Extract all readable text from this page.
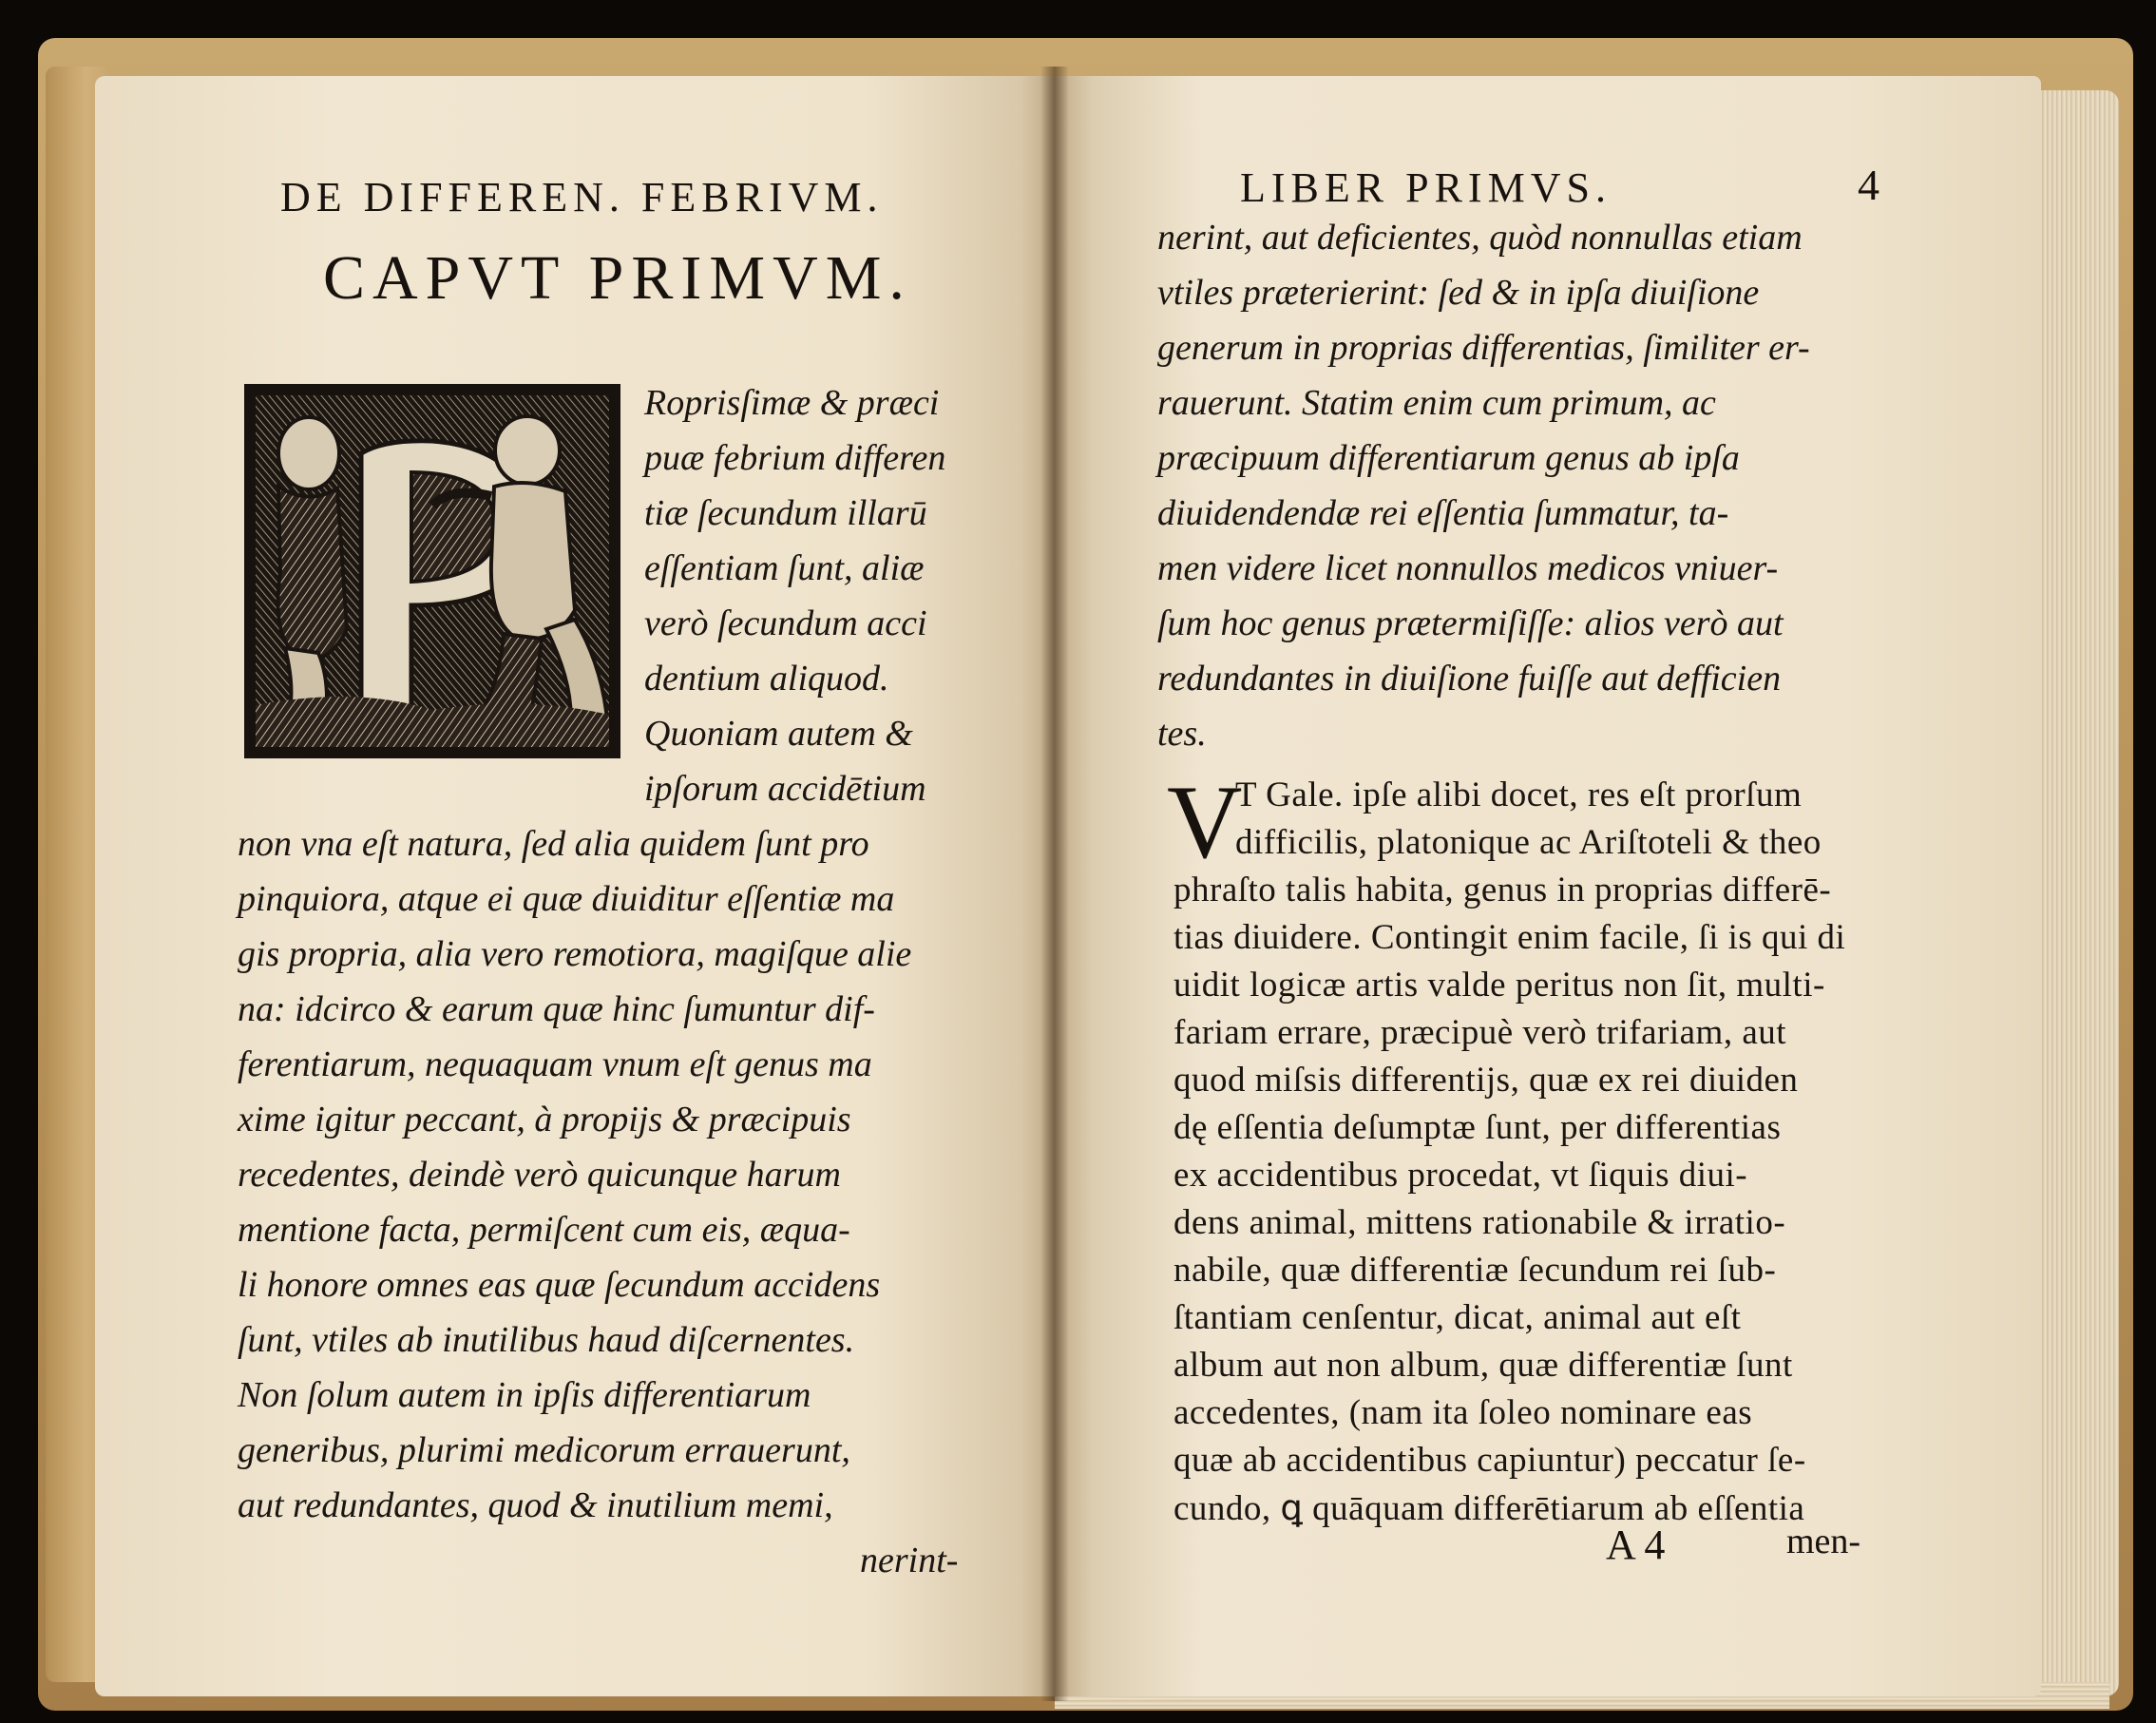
DE DIFFEREN. FEBRIVM.
CAPVT PRIMVM.
Roprisſimæ & præci
puæ febrium differen
tiæ ſecundum illarū
eſſentiam ſunt, aliæ
verò ſecundum acci
dentium aliquod.
Quoniam autem &
ipſorum accidētium
non vna eſt natura, ſed alia quidem ſunt pro
pinquiora, atque ei quæ diuiditur eſſentiæ ma
gis propria, alia vero remotiora, magiſque alie
na: idcirco & earum quæ hinc ſumuntur dif-
ferentiarum, nequaquam vnum eſt genus ma
xime igitur peccant, à propijs & præcipuis
recedentes, deindè verò quicunque harum
mentione facta, permiſcent cum eis, æqua-
li honore omnes eas quæ ſecundum accidens
ſunt, vtiles ab inutilibus haud diſcernentes.
Non ſolum autem in ipſis differentiarum
generibus, plurimi medicorum errauerunt,
aut redundantes, quod & inutilium memi,
nerint-
LIBER PRIMVS.	4
nerint, aut deficientes, quòd nonnullas etiam
vtiles præterierint: ſed & in ipſa diuiſione
generum in proprias differentias, ſimiliter er-
rauerunt. Statim enim cum primum, ac
præcipuum differentiarum genus ab ipſa
diuidendendæ rei eſſentia ſummatur, ta-
men videre licet nonnullos medicos vniuer-
ſum hoc genus prætermiſiſſe: alios verò aut
redundantes in diuiſione fuiſſe aut defficien
tes.
V
T Gale. ipſe alibi docet, res eſt prorſum
difficilis, platonique ac Ariſtoteli & theo
phraſto talis habita, genus in proprias differē-
tias diuidere. Contingit enim facile, ſi is qui di
uidit logicæ artis valde peritus non ſit, multi-
fariam errare, præcipuè verò trifariam, aut
quod miſsis differentijs, quæ ex rei diuiden
dę eſſentia deſumptæ ſunt, per differentias
ex accidentibus procedat, vt ſiquis diui-
dens animal, mittens rationabile & irratio-
nabile, quæ differentiæ ſecundum rei ſub-
ſtantiam cenſentur, dicat, animal aut eſt
album aut non album, quæ differentiæ ſunt
accedentes, (nam ita ſoleo nominare eas
quæ ab accidentibus capiuntur) peccatur ſe-
cundo, ꝗ quāquam differētiarum ab eſſentia
A 4	men-
